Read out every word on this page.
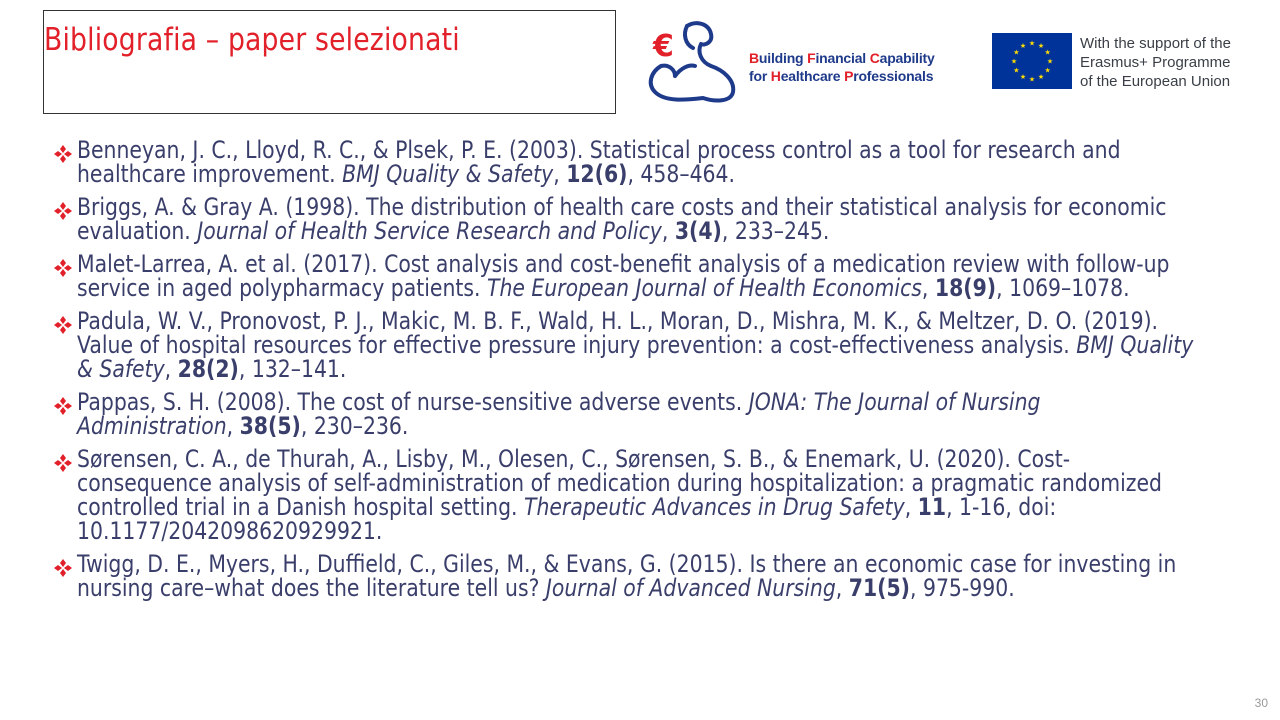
Bibliografia – paper selezionati	€	Building Financial Capability
for Healthcare Professionals
★ ★
★
★
★
★
★
★
★
★
★
★	With the support of the
Erasmus+ Programme
of the European Union
Benneyan, J. C., Lloyd, R. C., & Plsek, P. E. (2003). Statistical process control as a tool for research and healthcare improvement. BMJ Quality & Safety, 12(6), 458–464.
Briggs, A. & Gray A. (1998). The distribution of health care costs and their statistical analysis for economic evaluation. Journal of Health Service Research and Policy, 3(4), 233–245.
Malet-Larrea, A. et al. (2017). Cost analysis and cost-benefit analysis of a medication review with follow-up service in aged polypharmacy patients. The European Journal of Health Economics, 18(9), 1069–1078.
Padula, W. V., Pronovost, P. J., Makic, M. B. F., Wald, H. L., Moran, D., Mishra, M. K., & Meltzer, D. O. (2019). Value of hospital resources for effective pressure injury prevention: a cost-effectiveness analysis. BMJ Quality & Safety, 28(2), 132–141.
Pappas, S. H. (2008). The cost of nurse-sensitive adverse events. JONA: The Journal of Nursing Administration, 38(5), 230–236.
Sørensen, C. A., de Thurah, A., Lisby, M., Olesen, C., Sørensen, S. B., & Enemark, U. (2020). Cost-consequence analysis of self-administration of medication during hospitalization: a pragmatic randomized controlled trial in a Danish hospital setting. Therapeutic Advances in Drug Safety, 11, 1-16, doi: 10.1177/2042098620929921.
Twigg, D. E., Myers, H., Duffield, C., Giles, M., & Evans, G. (2015). Is there an economic case for investing in nursing care–what does the literature tell us? Journal of Advanced Nursing, 71(5), 975-990.
30
